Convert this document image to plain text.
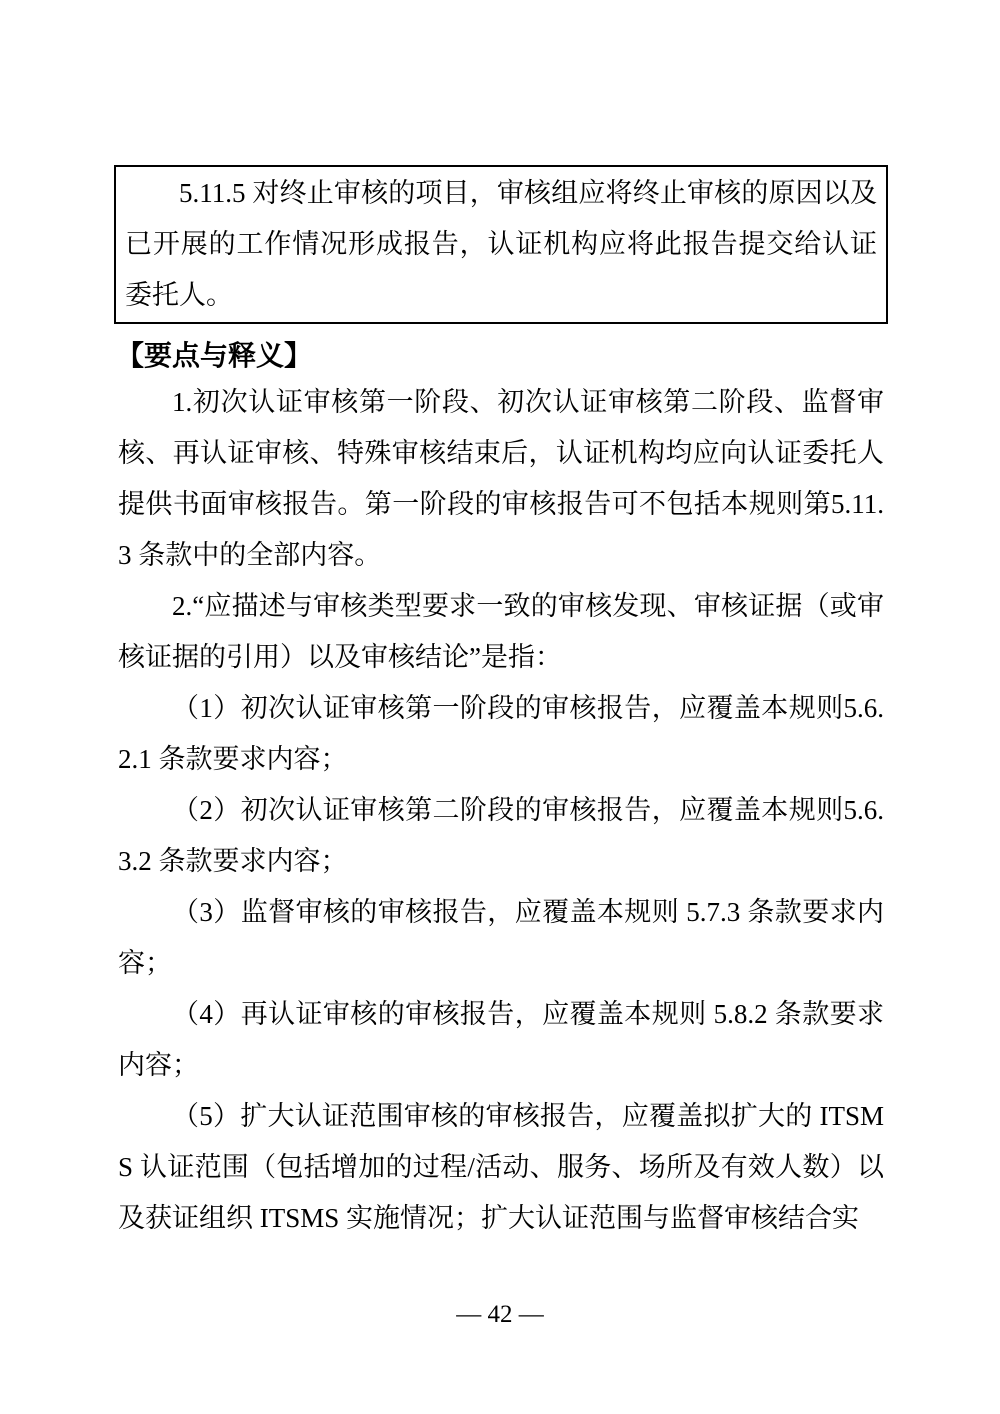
5.11.5 对终止审核的项目，审核组应将终止审核的原因以及已开展的工作情况形成报告，认证机构应将此报告提交给认证委托人。

【要点与释义】

1.初次认证审核第一阶段、初次认证审核第二阶段、监督审核、再认证审核、特殊审核结束后，认证机构均应向认证委托人提供书面审核报告。第一阶段的审核报告可不包括本规则第5.11.3 条款中的全部内容。

2.“应描述与审核类型要求一致的审核发现、审核证据（或审核证据的引用）以及审核结论”是指：

（1）初次认证审核第一阶段的审核报告，应覆盖本规则5.6.2.1 条款要求内容；

（2）初次认证审核第二阶段的审核报告，应覆盖本规则5.6.3.2 条款要求内容；

（3）监督审核的审核报告，应覆盖本规则 5.7.3 条款要求内容；

（4）再认证审核的审核报告，应覆盖本规则 5.8.2 条款要求内容；

（5）扩大认证范围审核的审核报告，应覆盖拟扩大的 ITSMS 认证范围（包括增加的过程/活动、服务、场所及有效人数）以及获证组织 ITSMS 实施情况；扩大认证范围与监督审核结合实

— 42 —
